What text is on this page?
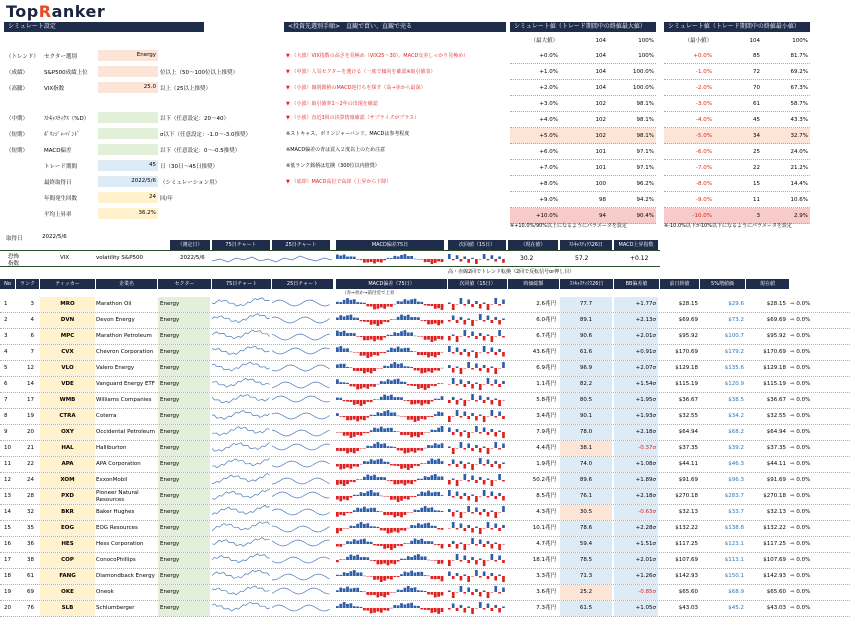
TopRanker
シミュレート設定
（トレンド） セクター選別	Energy
（成績）	S&P500成績上位	位以上（50～100位以上推奨）
（高騰）	VIX指数	25.0 以上（25以上推奨）
（中期）	ｽﾄｷｬｽﾃｨｸｽ（%D）	以下（任意設定：20～40）
（短期）	ﾎﾞﾘﾝｼﾞｬｰﾊﾞﾝﾄﾞ	σ以下（任意設定：-1.0～-3.0推奨）
（短期）	MACD偏差	以下（任意設定：0～-0.5推奨）
トレード期間	45 日（30日～45日推奨）
最終取得日	2022/5/6 （シミュレーション用）
年間発生回数	24 回/年
平均上昇率	36.2%
<投資先選別手順>　直観で買い、直観で売る
▼ （大波）VIX指数の高さを見極め（VIX25～30）、MACD交差しっかり見極め）
▼ （中波）人気セクターを選ける（一度で傾向を確認※取引値表）
▼ （小波）個別銘柄のMACD逆打ちを探す（高→赤から最深）
▼ （小波）取引値率1～2年の出現を確認
▼ （小波）直近3回の決算情報確認（サプライズがプラス）
※ストキャス、ボリンジャーバンド、MACDは参考程度
※MACD偏差の青は買入２度以上のため注意
※低ランク銘柄は危険（300位以内推奨）
▼ （底却）MACD高位で高却（上昇から下降）
シミュレート値（トレード期間中の終値最大値）
（最大値）	104	100%
+0.0%	104	100%
+1.0%	104	100.0%
+2.0%	104	100.0%
+3.0%	102	98.1%
+4.0%	102	98.1%
+5.0%	102	98.1%
+6.0%	101	97.1%
+7.0%	101	97.1%
+8.0%	100	96.2%
+9.0%	98	94.2%
+10.0%	94	90.4%
シミュレート値（トレード期間中の終値最小値）
（最小値）	104	100%
+0.0%	85	81.7%
-1.0%	72	69.2%
-2.0%	70	67.3%
-3.0%	61	58.7%
-4.0%	45	43.3%
-5.0%	34	32.7%
-6.0%	25	24.0%
-7.0%	22	21.2%
-8.0%	15	14.4%
-9.0%	11	10.6%
-10.0%	3	2.9%
※+10.0%/90%以上になるようにパラメータを設定	※-10.0%以下が10%以下になるようにパラメータを設定
取得日	2022/5/6
（測定日）	75日チャート	25日チャート	MACD偏差75日	次回値（15日）	（現在値）	ｽﾄｷｬｽﾃｨｸｽ26日	MACD上昇指数
恐怖
指数
VIX	volatility S&P500	2022/5/6	30.2	57.2	+0.12
高・赤線2回でトレンド転換（2回で反転信号or押し目）
No	ランク	ティッカー	企業名	セクター	75日チャート	25日チャート	MACD偏差（75日）	次回値（15日）	時価総額	ｽﾄｷｬｽﾃｨｸｽ26日	BB偏差値	前日終値	5%増値価	現在値
（赤→青か→前付近で上昇
1	3	MRO	Marathon Oil	Energy	2.6兆円	77.7	+1.77σ	$28.15	$29.6	$28.15 ➡ 0.0%
2	4	DVN	Devon Energy	Energy	6.0兆円	89.1	+2.13σ	$69.69	$73.2	$69.69 ➡ 0.0%
3	6	MPC	Marathon Petroleum	Energy	6.7兆円	90.6	+2.01σ	$95.92	$100.7	$95.92 ➡ 0.0%
4	7	CVX	Chevron Corporation	Energy	43.6兆円	61.6	+0.91σ	$170.69	$179.2	$170.69 ➡ 0.0%
5	12	VLO	Valero Energy	Energy	6.9兆円	96.9	+2.07σ	$129.18	$135.6	$129.18 ➡ 0.0%
6	14	VDE	Vanguard Energy ETF Energy	1.1兆円	82.2	+1.54σ	$115.19	$120.9	$115.19 ➡ 0.0%
7	17	WMB	Williams Companies	Energy	5.8兆円	80.5	+1.95σ	$36.67	$38.5	$36.67 ➡ 0.0%
8	19	CTRA	Coterra	Energy	3.4兆円	90.1	+1.93σ	$32.55	$34.2	$32.55 ➡ 0.0%
9	20	OXY	Occidental Petroleum Energy	7.9兆円	78.0	+2.18σ	$64.94	$68.2	$64.94 ➡ 0.0%
10	21	HAL	Halliburton	Energy	4.4兆円	38.1	-0.37σ	$37.35	$39.2	$37.35 ➡ 0.0%
11	22	APA	APA Corporation	Energy	1.9兆円	74.0	+1.08σ	$44.11	$46.3	$44.11 ➡ 0.0%
12	24	XOM	ExxonMobil	Energy	50.2兆円	89.6	+1.89σ	$91.69	$96.3	$91.69 ➡ 0.0%
13	28	PXD	Pioneer Natural Resources
Energy	8.5兆円	76.1	+2.18σ	$270.18	$283.7	$270.18 ➡ 0.0%
14	32	BKR	Baker Hughes	Energy	4.3兆円	30.5	-0.63σ	$32.13	$33.7	$32.13 ➡ 0.0%
15	35	EOG	EOG Resources	Energy	10.1兆円	78.6	+2.28σ	$132.22	$138.8	$132.22 ➡ 0.0%
16	36	HES	Hess Corporation	Energy	4.7兆円	59.4	+1.51σ	$117.25	$123.1	$117.25 ➡ 0.0%
17	38	COP	ConocoPhillips	Energy	18.1兆円	78.5	+2.01σ	$107.69	$113.1	$107.69 ➡ 0.0%
18	61	FANG	Diamondback Energy Energy	3.3兆円	71.3	+1.26σ	$142.93	$150.1	$142.93 ➡ 0.0%
19	69	OKE	Oneok	Energy	3.6兆円	25.2	-0.85σ	$65.60	$68.9	$65.60 ➡ 0.0%
20	76	SLB	Schlumberger	Energy	7.3兆円	61.5	+1.05σ	$43.03	$45.2	$43.03 ➡ 0.0%
